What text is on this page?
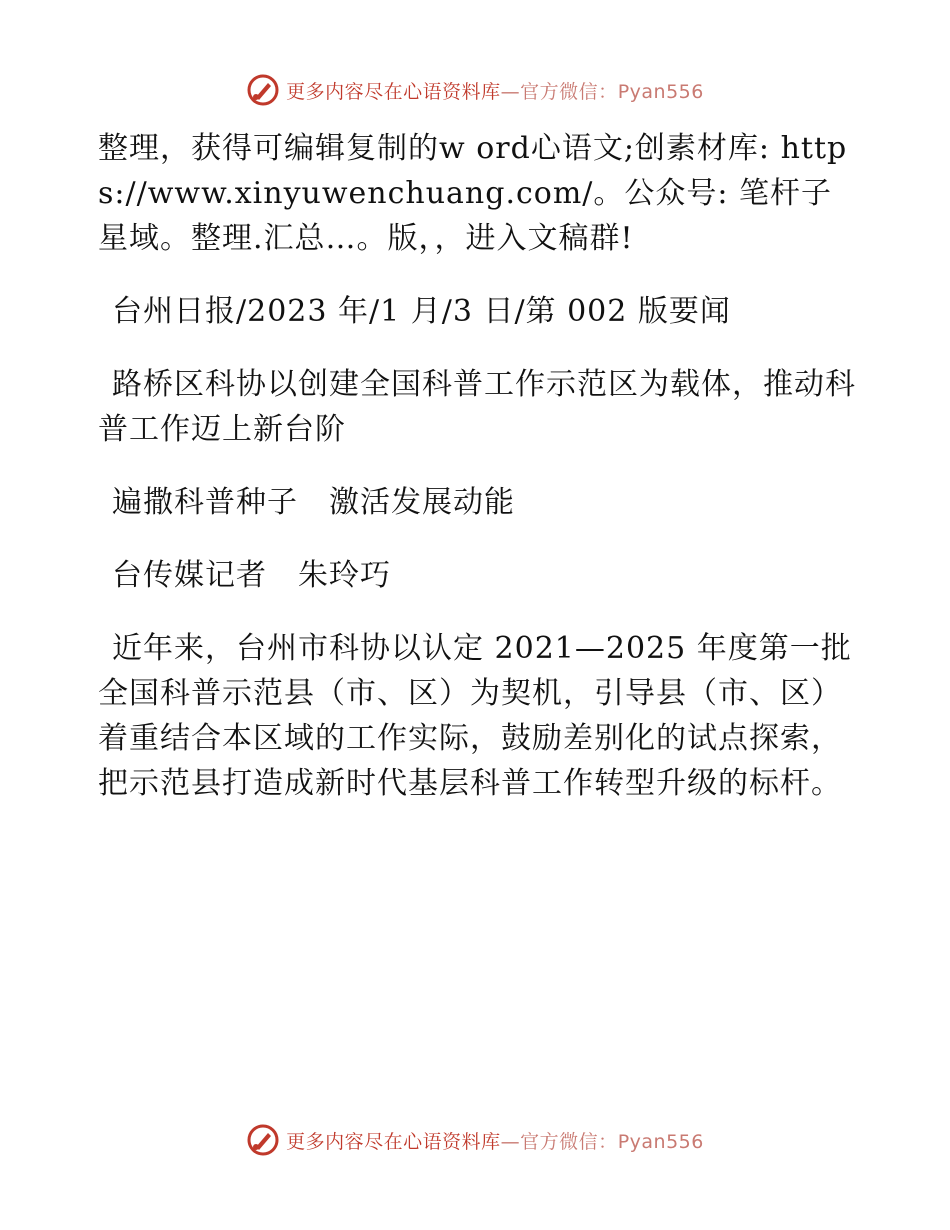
更多内容尽在心语资料库—官方微信：Pyan556

整理，获得可编辑复制的w ord心语文;创素材库: https://www.xinyuwenchuang.com/。公众号: 笔杆子星域。整理.汇总…。版，，进入文稿群!

台州日报/2023 年/1 月/3 日/第 002 版要闻

路桥区科协以创建全国科普工作示范区为载体，推动科普工作迈上新台阶

遍撒科普种子　激活发展动能

台传媒记者　朱玲巧

近年来，台州市科协以认定 2021—2025 年度第一批全国科普示范县（市、区）为契机，引导县（市、区）着重结合本区域的工作实际，鼓励差别化的试点探索，把示范县打造成新时代基层科普工作转型升级的标杆。

更多内容尽在心语资料库—官方微信：Pyan556
